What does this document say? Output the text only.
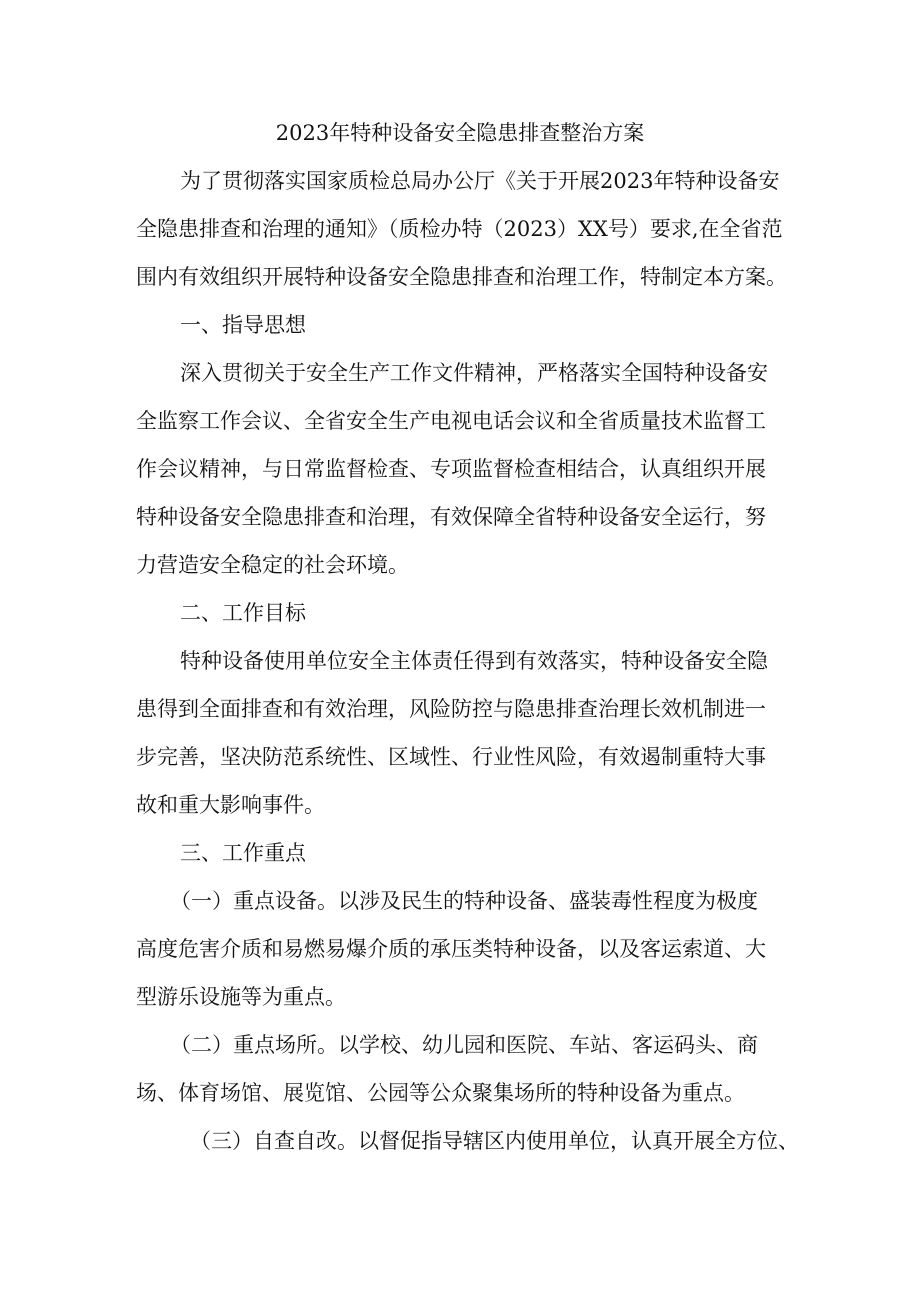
2023年特种设备安全隐患排查整治方案
为了贯彻落实国家质检总局办公厅《关于开展2023年特种设备安
全隐患排查和治理的通知》（质检办特（2023）XX号）要求,在全省范
围内有效组织开展特种设备安全隐患排查和治理工作，特制定本方案。
一、指导思想
深入贯彻关于安全生产工作文件精神，严格落实全国特种设备安
全监察工作会议、全省安全生产电视电话会议和全省质量技术监督工
作会议精神，与日常监督检查、专项监督检查相结合，认真组织开展
特种设备安全隐患排查和治理，有效保障全省特种设备安全运行，努
力营造安全稳定的社会环境。
二、工作目标
特种设备使用单位安全主体责任得到有效落实，特种设备安全隐
患得到全面排查和有效治理，风险防控与隐患排查治理长效机制进一
步完善，坚决防范系统性、区域性、行业性风险，有效遏制重特大事
故和重大影响事件。
三、工作重点
（一）重点设备。以涉及民生的特种设备、盛装毒性程度为极度
高度危害介质和易燃易爆介质的承压类特种设备，以及客运索道、大
型游乐设施等为重点。
（二）重点场所。以学校、幼儿园和医院、车站、客运码头、商
场、体育场馆、展览馆、公园等公众聚集场所的特种设备为重点。
（三）自查自改。以督促指导辖区内使用单位，认真开展全方位、
